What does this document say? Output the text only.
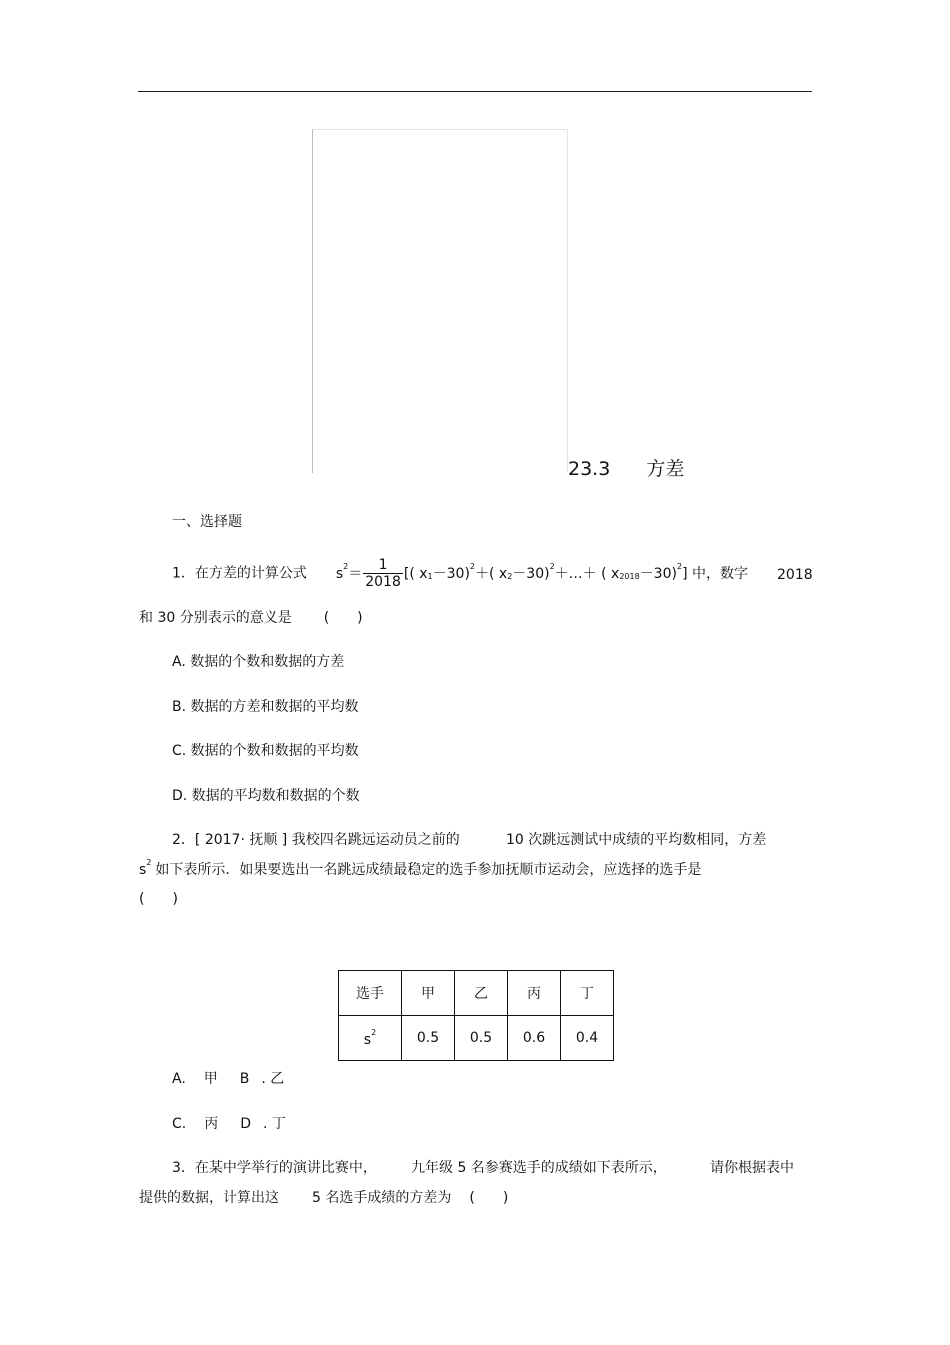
23.3 方差
一、选择题
1．在方差的计算公式 $s^2= \frac{1}{2018}$ [( $x_1-30)^2+$( $x_2-30)^2+\dots+$ ( $x_{2018}-30)^2$] 中，数字 2018
和 30 分别表示的意义是 (　　)
A. 数据的个数和数据的方差
B. 数据的方差和数据的平均数
C. 数据的个数和数据的平均数
D. 数据的平均数和数据的个数
2．[ 2017· 抚顺 ] 我校四名跳远运动员之前的	10 次跳远测试中成绩的平均数相同，方差
$s^2$ 如下表所示．如果要选出一名跳远成绩最稳定的选手参加抚顺市运动会，应选择的选手是
(　　)
选手	甲	乙	丙	丁
$s^2$	0.5	0.5	0.6	0.4
A. 甲 B . 乙
C. 丙 D . 丁
3．在某中学举行的演讲比赛中， 九年级 5 名参赛选手的成绩如下表所示，	请你根据表中
提供的数据，计算出这 5 名选手成绩的方差为 (　　)
